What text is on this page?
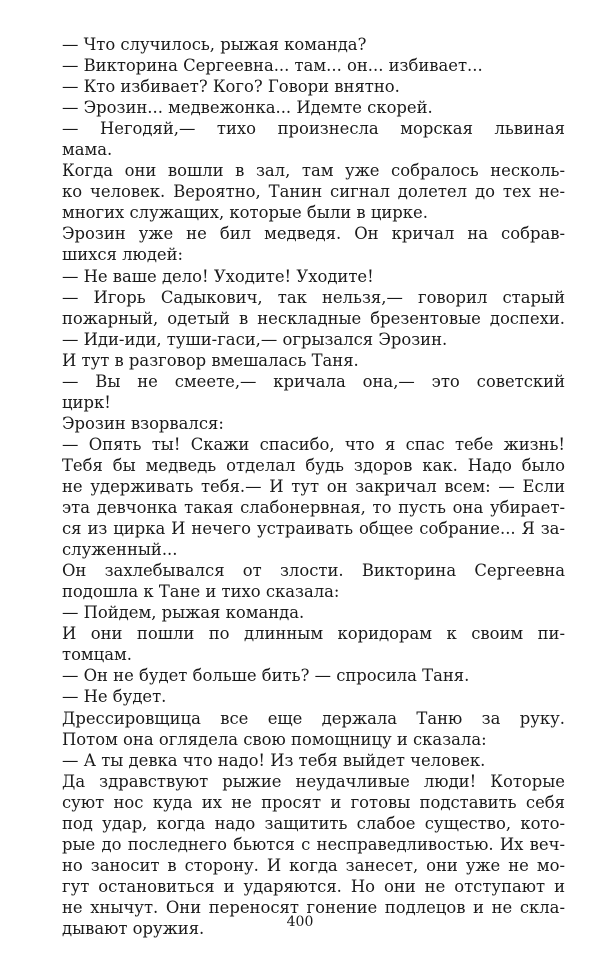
— Что случилось, рыжая команда?
— Викторина Сергеевна... там... он... избивает...
— Кто избивает? Кого? Говори внятно.
— Эрозин... медвежонка... Идемте скорей.
— Негодяй,— тихо произнесла морская львиная
мама.
Когда они вошли в зал, там уже собралось несколь-
ко человек. Вероятно, Танин сигнал долетел до тех не-
многих служащих, которые были в цирке.
Эрозин уже не бил медведя. Он кричал на собрав-
шихся людей:
— Не ваше дело! Уходите! Уходите!
— Игорь Садыкович, так нельзя,— говорил старый
пожарный, одетый в нескладные брезентовые доспехи.
— Иди-иди, туши-гаси,— огрызался Эрозин.
И тут в разговор вмешалась Таня.
— Вы не смеете,— кричала она,— это советский
цирк!
Эрозин взорвался:
— Опять ты! Скажи спасибо, что я спас тебе жизнь!
Тебя бы медведь отделал будь здоров как. Надо было
не удерживать тебя.— И тут он закричал всем: — Если
эта девчонка такая слабонервная, то пусть она убирает-
ся из цирка И нечего устраивать общее собрание... Я за-
служенный...
Он захлебывался от злости. Викторина Сергеевна
подошла к Тане и тихо сказала:
— Пойдем, рыжая команда.
И они пошли по длинным коридорам к своим пи-
томцам.
— Он не будет больше бить? — спросила Таня.
— Не будет.
Дрессировщица все еще держала Таню за руку.
Потом она оглядела свою помощницу и сказала:
— А ты девка что надо! Из тебя выйдет человек.
Да здравствуют рыжие неудачливые люди! Которые
суют нос куда их не просят и готовы подставить себя
под удар, когда надо защитить слабое существо, кото-
рые до последнего бьются с несправедливостью. Их веч-
но заносит в сторону. И когда занесет, они уже не мо-
гут остановиться и ударяются. Но они не отступают и
не хнычут. Они переносят гонение подлецов и не скла-
дывают оружия.	400
